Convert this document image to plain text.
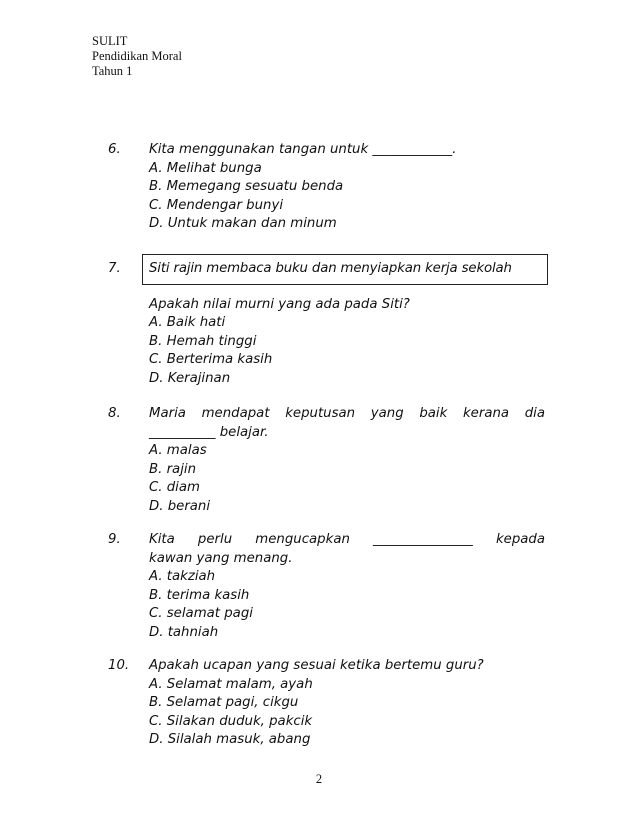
SULIT
Pendidikan Moral
Tahun 1
6. Kita menggunakan tangan untuk ____________.
A. Melihat bunga
B. Memegang sesuatu benda
C. Mendengar bunyi
D. Untuk makan dan minum
7.	Siti rajin membaca buku dan menyiapkan kerja sekolah
Apakah nilai murni yang ada pada Siti?
A. Baik hati
B. Hemah tinggi
C. Berterima kasih
D. Kerajinan
8. Maria mendapat keputusan yang baik kerana dia
__________ belajar.
A. malas
B. rajin
C. diam
D. berani
9. Kita perlu mengucapkan _______________ kepada
kawan yang menang.
A. takziah
B. terima kasih
C. selamat pagi
D. tahniah
10. Apakah ucapan yang sesuai ketika bertemu guru?
A. Selamat malam, ayah
B. Selamat pagi, cikgu
C. Silakan duduk, pakcik
D. Silalah masuk, abang
2
